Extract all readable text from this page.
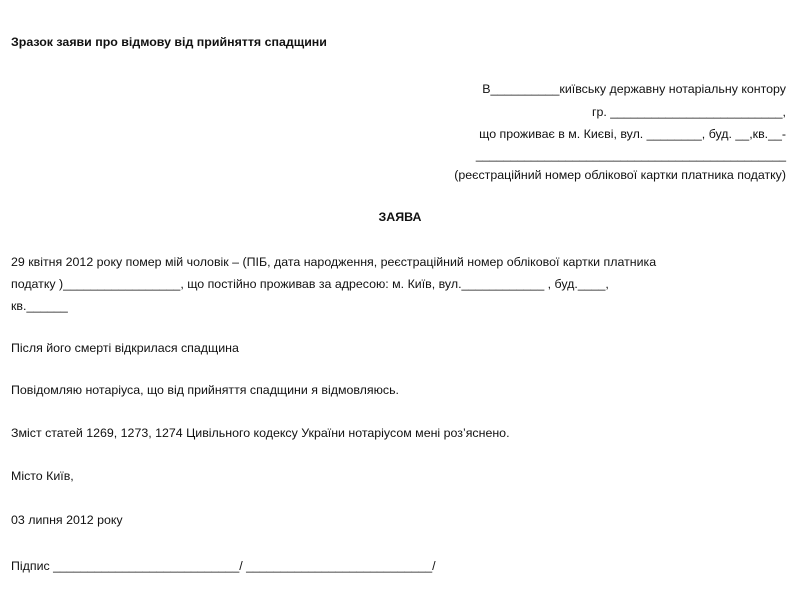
Зразок заяви про відмову від прийняття спадщини
В__________київську державну нотаріальну контору
гр. _________________________,
що проживає в м. Києві, вул. ________, буд. __,кв.__-
_____________________________________________
(реєстраційний номер облікової картки платника податку)
ЗАЯВА
29 квітня 2012 року помер мій чоловік – (ПІБ, дата народження, реєстраційний номер облікової картки платника
податку )_________________, що постійно проживав за адресою: м. Київ, вул.____________ , буд.____,
кв.______
Після його смерті відкрилася спадщина
Повідомляю нотаріуса, що від прийняття спадщини я відмовляюсь.
Зміст статей 1269, 1273, 1274 Цивільного кодексу України нотаріусом мені роз’яснено.
Місто Київ,
03 липня 2012 року
Підпис ___________________________/ ___________________________/
